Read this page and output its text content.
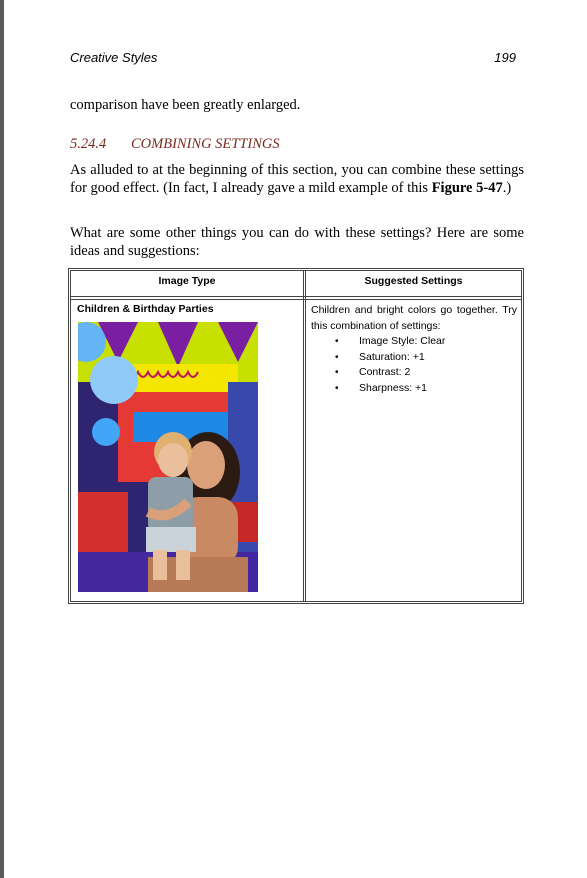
Creative Styles	199
comparison have been greatly enlarged.
5.24.4 COMBINING SETTINGS
As alluded to at the beginning of this section, you can combine these settings for good effect. (In fact, I already gave a mild example of this Figure 5-47.)
What are some other things you can do with these settings? Here are some ideas and suggestions:
Image Type	Suggested Settings
Children & Birthday Parties	Children and bright colors go together. Try this combination of settings:
• Image Style: Clear
• Saturation: +1
• Contrast: 2
• Sharpness: +1
